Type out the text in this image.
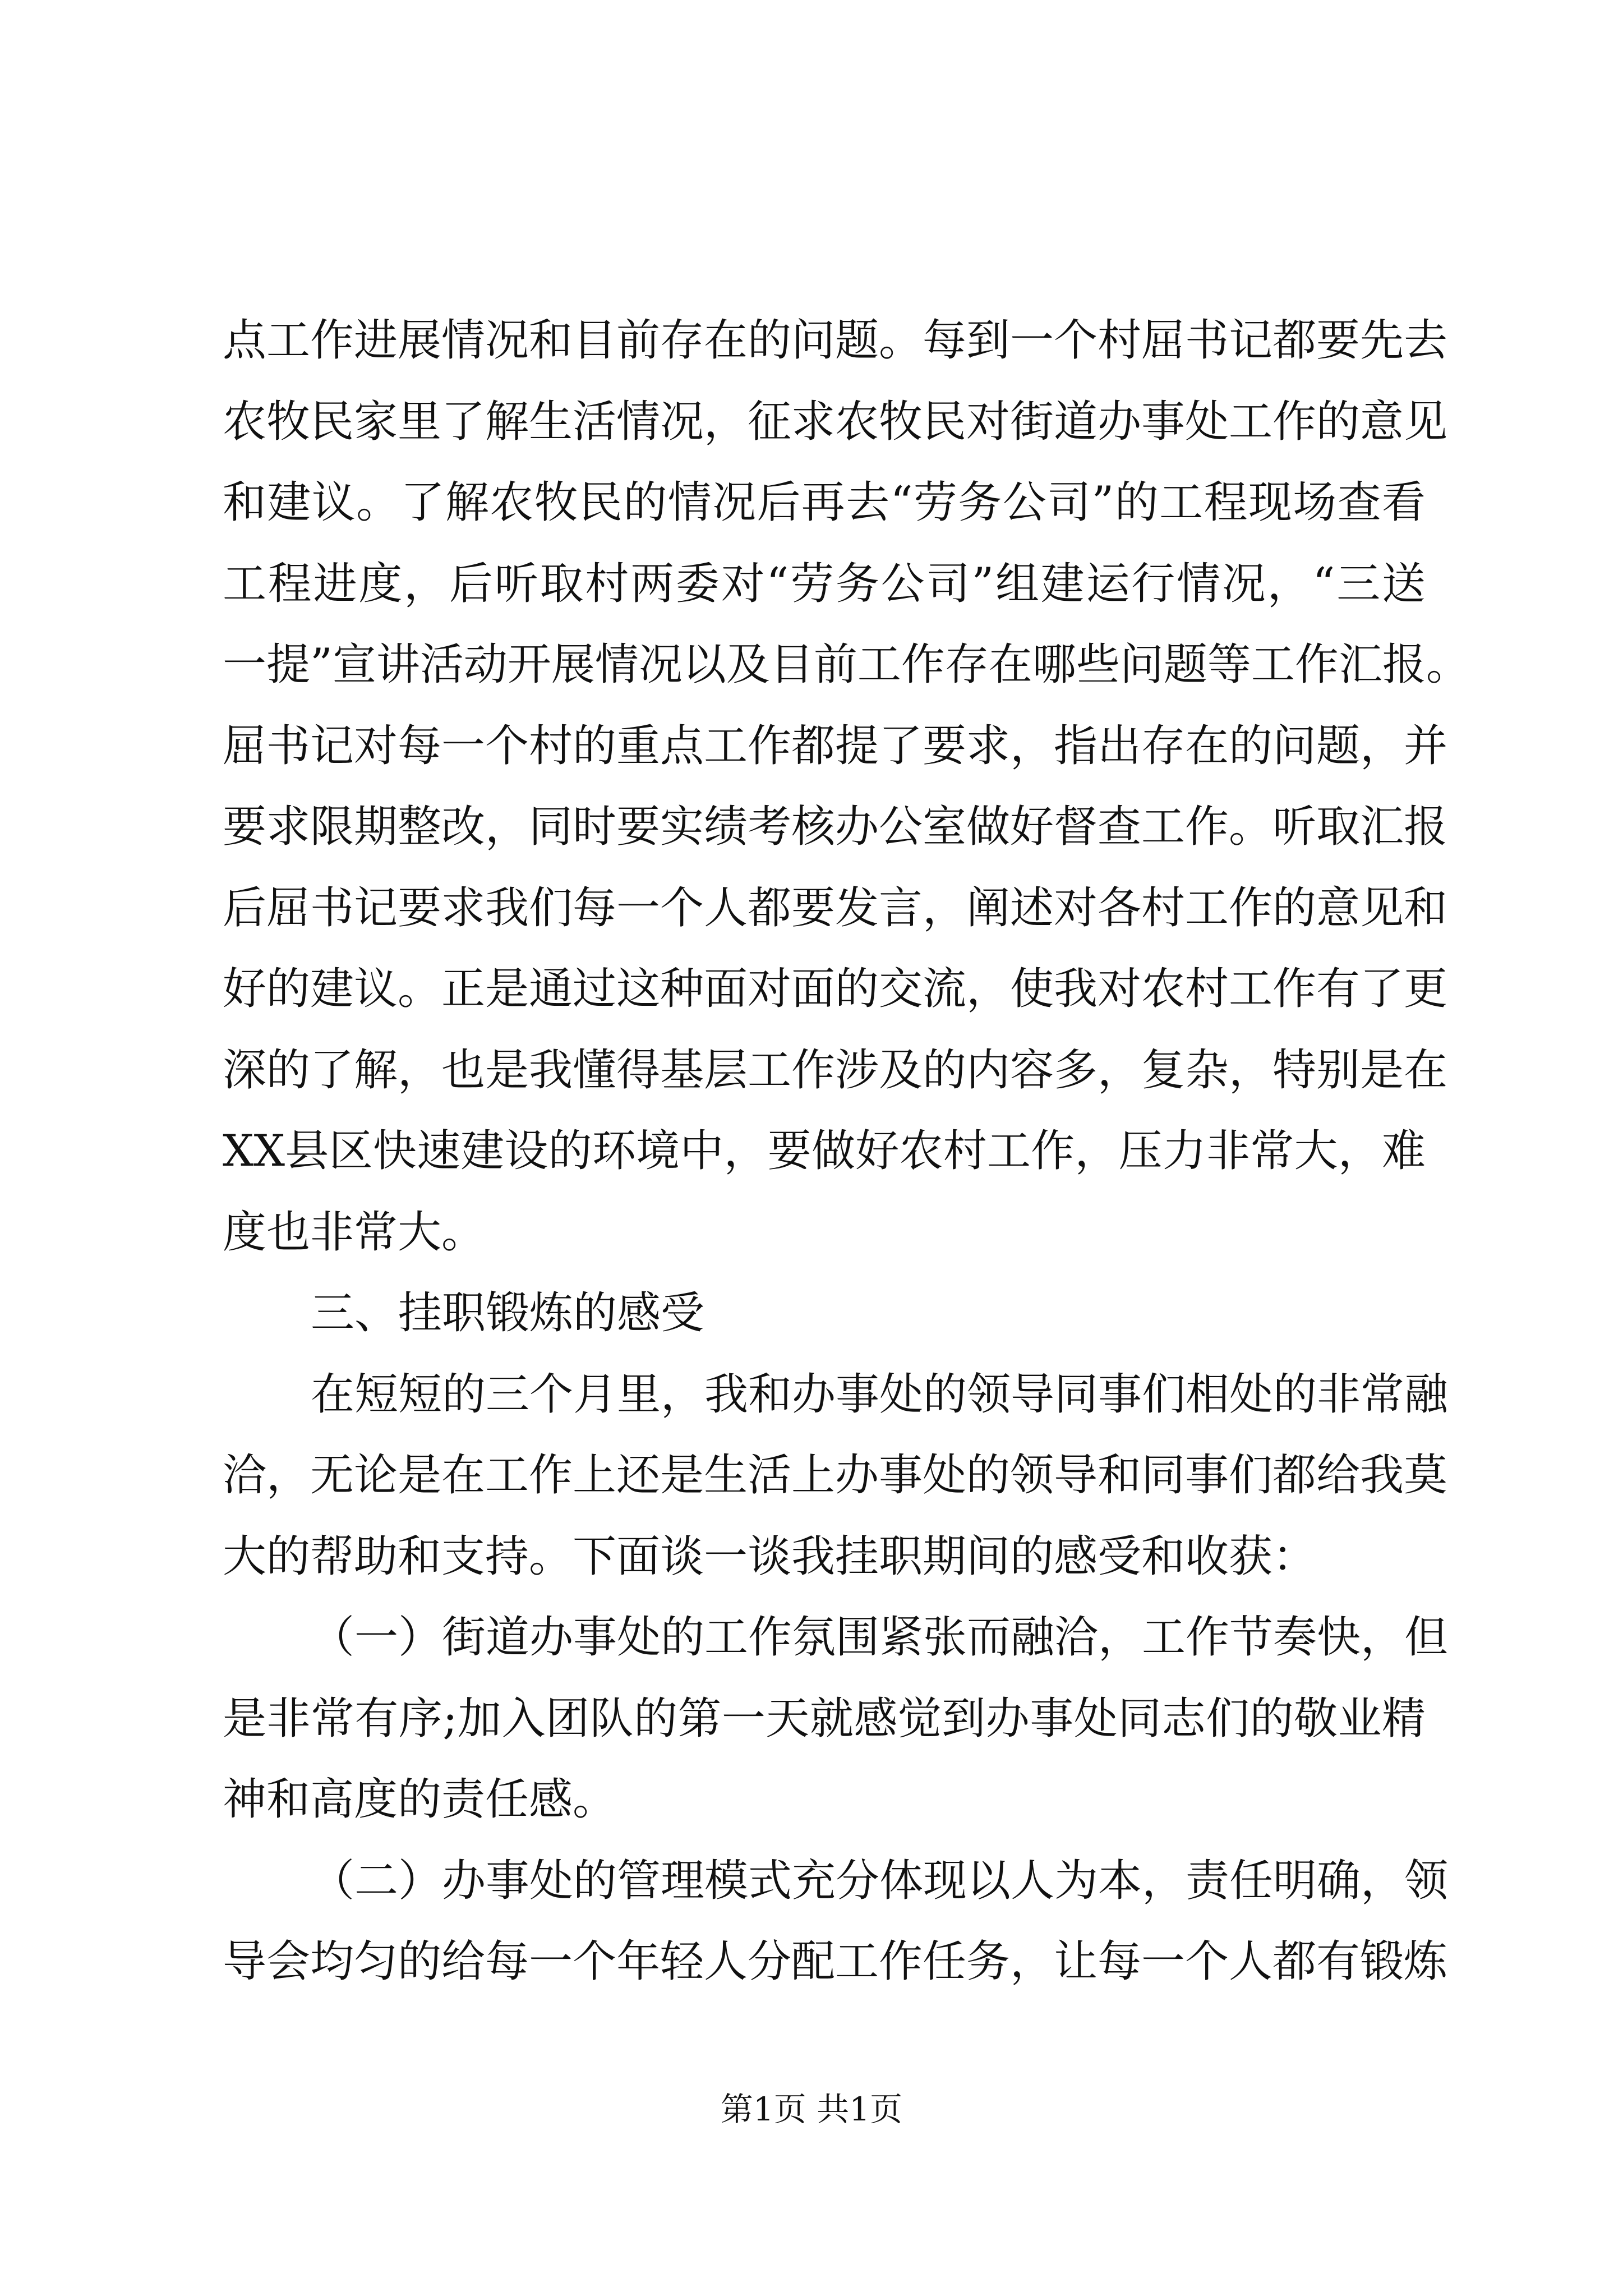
点工作进展情况和目前存在的问题。每到一个村屈书记都要先去
农牧民家里了解生活情况，征求农牧民对街道办事处工作的意见
和建议。了解农牧民的情况后再去“劳务公司”的工程现场查看
工程进度，后听取村两委对“劳务公司”组建运行情况，“三送
一提”宣讲活动开展情况以及目前工作存在哪些问题等工作汇报。
屈书记对每一个村的重点工作都提了要求，指出存在的问题，并
要求限期整改，同时要实绩考核办公室做好督查工作。听取汇报
后屈书记要求我们每一个人都要发言，阐述对各村工作的意见和
好的建议。正是通过这种面对面的交流，使我对农村工作有了更
深的了解，也是我懂得基层工作涉及的内容多，复杂，特别是在
XX县区快速建设的环境中，要做好农村工作，压力非常大，难
度也非常大。
三、挂职锻炼的感受
在短短的三个月里，我和办事处的领导同事们相处的非常融
洽，无论是在工作上还是生活上办事处的领导和同事们都给我莫
大的帮助和支持。下面谈一谈我挂职期间的感受和收获：
（一）街道办事处的工作氛围紧张而融洽，工作节奏快，但
是非常有序;加入团队的第一天就感觉到办事处同志们的敬业精
神和高度的责任感。
（二）办事处的管理模式充分体现以人为本，责任明确，领
导会均匀的给每一个年轻人分配工作任务，让每一个人都有锻炼
第1页 共1页
